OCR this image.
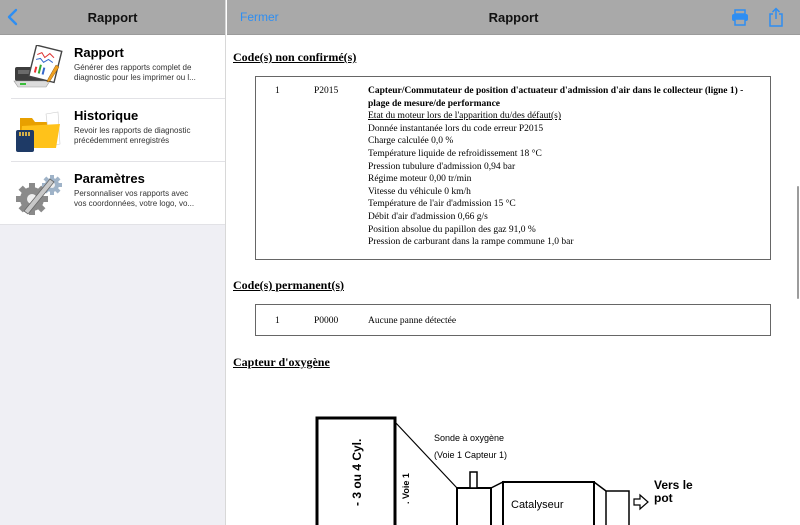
Rapport
Rapport
Générer des rapports complet de
diagnostic pour les imprimer ou l...
Historique
Revoir les rapports de diagnostic
précédemment enregistrés
Paramètres
Personnaliser vos rapports avec
vos coordonnées, votre logo, vo...
Fermer	Rapport
Code(s) non confirmé(s)
1	P2015	Capteur/Commutateur de position d'actuateur d'admission d'air dans le collecteur (ligne 1) - plage de mesure/de performance
Etat du moteur lors de l'apparition du/des défaut(s)
Donnée instantanée lors du code erreur P2015
Charge calculée 0,0 %
Température liquide de refroidissement 18 °C
Pression tubulure d'admission 0,94 bar
Régime moteur 0,00 tr/min
Vitesse du véhicule 0 km/h
Température de l'air d'admission 15 °C
Débit d'air d'admission 0,66 g/s
Position absolue du papillon des gaz 91,0 %
Pression de carburant dans la rampe commune 1,0 bar
Code(s) permanent(s)
1	P0000	Aucune panne détectée
Capteur d'oxygène
- 3 ou 4 Cyl.	. Voie 1
Sonde à oxygène
(Voie 1 Capteur 1)
Catalyseur
Vers le
pot
